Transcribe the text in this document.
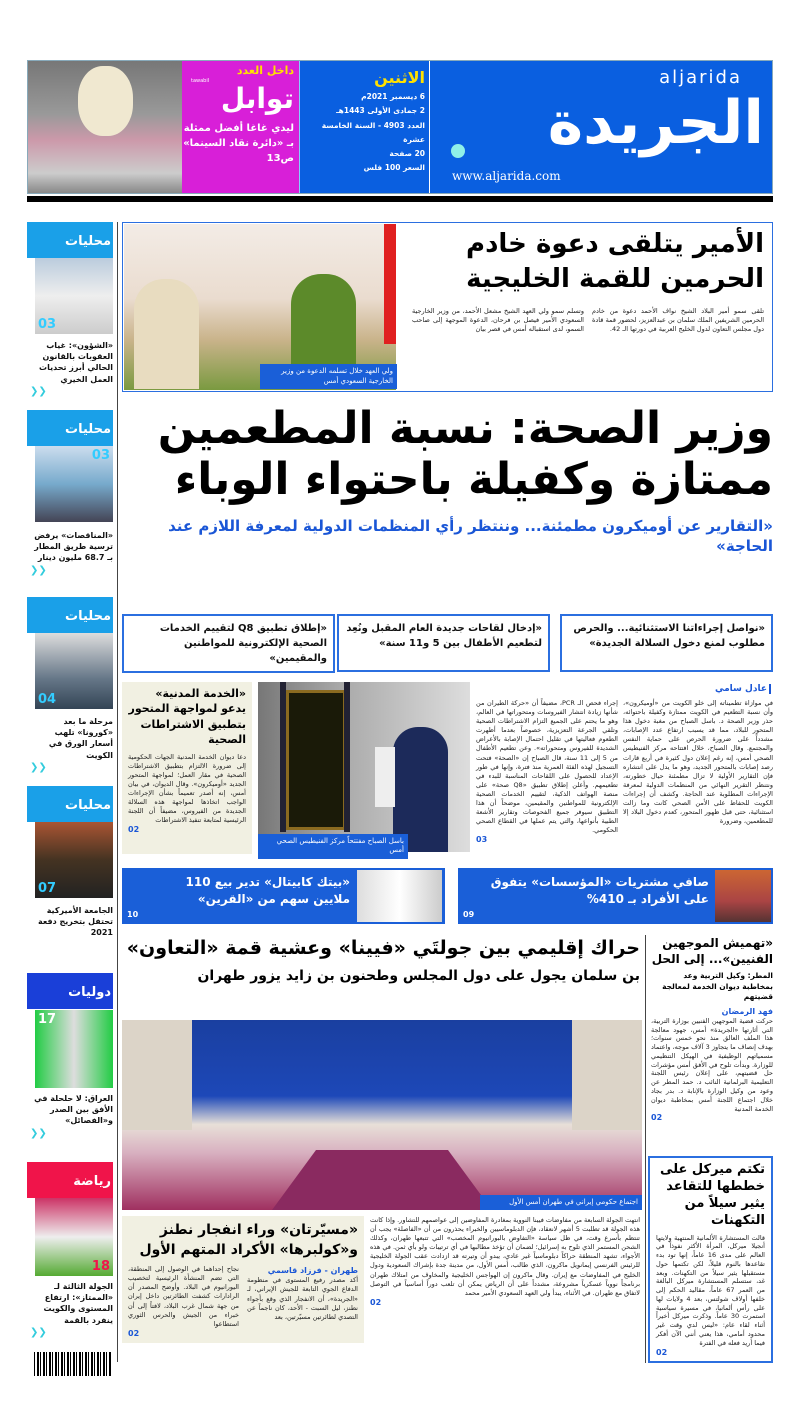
aljarida
الجريدة
www.aljarida.com
الاثنين
6 ديسمبر 2021م
2 جمادى الأولى 1443هـ
العدد 4903 - السنة الخامسة عشرة
20 صفحة
السعر 100 فلس
داخل العدد
tawabil
توابل
ليدي غاغا أفضل ممثلة
بـ «دائرة نقاد السينما» ص13
محليات
03
«الشؤون»: غياب العقوبات بالقانون الحالي أبرز تحديات العمل الخيري
❮❮
محليات
03
«المناقصات» يرفض ترسية طريق المطار بـ 68.7 مليون دينار
❮❮
محليات
04
مرحلة ما بعد «كورونا» تلهب أسعار الورق في الكويت
❮❮
محليات
07
الجامعة الأميركية تحتفل بتخريج دفعة 2021
دوليات
17
العراق: لا حلحلة في الأفق بين الصدر و«الفصائل»
❮❮
رياضة
18
الجولة الثالثة لـ «الممتاز»: ارتفاع المستوى والكويت ينفرد بالقمة
❮❮
الأمير يتلقى دعوة خادم
الحرمين للقمة الخليجية
تلقى سمو أمير البلاد الشيخ نواف الأحمد دعوة من خادم الحرمين الشريفين الملك سلمان بن عبدالعزيز، لحضور قمة قادة دول مجلس التعاون لدول الخليج العربية في دورتها الـ 42.
وتسلم سمو ولي العهد الشيخ مشعل الأحمد، من وزير الخارجية السعودي الأمير فيصل بن فرحان، الدعوة الموجهة إلى صاحب السمو، لدى استقباله أمس في قصر بيان
ولي العهد خلال تسلمه الدعوة من وزير الخارجية السعودي أمس
وزير الصحة: نسبة المطعمين
ممتازة وكفيلة باحتواء الوباء
«التقارير عن أوميكرون مطمئنة... وننتظر رأي المنظمات الدولية لمعرفة اللازم عند الحاجة»
«نواصل إجراءاتنا الاستثنائية... والحرص مطلوب لمنع دخول السلالة الجديدة»
«إدخال لقاحات جديدة العام المقبل ونُعِد لتطعيم الأطفال بين 5 و11 سنة»
«إطلاق تطبيق Q8 لتقييم الخدمات الصحية الإلكترونية للمواطنين والمقيمين»
عادل سامي
في موازاة تطميناته إلى خلو الكويت من «أوميكرون»، وأن نسبة التطعيم في الكويت ممتازة وكفيلة باحتوائه، حذر وزير الصحة د. باسل الصباح من مغبة دخول هذا المتحور للبلاد، مما قد يسبب ارتفاع عدد الإصابات، مشدداً على ضرورة الحرص على حماية النفس والمجتمع. وقال الصباح، خلال افتتاحه مركز الفنيطيس الصحي أمس، إنه رغم إعلان دول كثيرة في أربع قارات رصد إصابات بالمتحور الجديد، وهو ما يدل على انتشاره فإن التقارير الأولية لا تزال مطمئنة حيال خطورته، ونتنظر التقرير النهائي من المنظمات الدولية لمعرفة الإجراءات المطلوبة عند الحاجة. وكشف أن إجراءات الكويت للحفاظ على الأمن الصحي كانت وما زالت استثنائية، حتى قبل ظهور المتحور، كعدم دخول البلاد إلا للمطعمين، وضرورة
إجراء فحص الـ PCR، مضيفاً أن «حركة الطيران من شأنها زيادة انتشار الفيروسات ومتحوراتها في العالم، وهو ما يحتم على الجميع التزام الاشتراطات الصحية وتلقي الجرعة التعزيزية، خصوصاً بعدما أظهرت الطعوم فعاليتها في تقليل احتمال الإصابة بالأعراض الشديدة للفيروس ومتحوراته». وعن تطعيم الأطفال من 5 إلى 11 سنة، قال الصباح إن «الصحة» فتحت التسجيل لهذه الفئة العمرية منذ فترة، وإنها في طور الإعداد للحصول على اللقاحات المناسبة للبدء في تطعيمهم. وأعلن إطلاق تطبيق «Q8 صحة» على منصة الهواتف الذكية، لتقييم الخدمات الصحية الإلكترونية للمواطنين والمقيمين، موضحاً أن هذا التطبيق سيوفر جميع الفحوصات وتقارير الأشعة الطبية بأنواعها، والتي يتم عملها في القطاع الصحي الحكومي.
03
باسل الصباح مفتتحاً مركز الفنيطيس الصحي أمس
«الخدمة المدنية» يدعو لمواجهة المتحور بتطبيق الاشتراطات الصحية
دعا ديوان الخدمة المدنية الجهات الحكومية إلى ضرورة الالتزام بتطبيق الاشتراطات الصحية في مقار العمل؛ لمواجهة المتحور الجديد «أوميكرون». وقال الديوان، في بيان أمس، إنه أصدر تعميماً بشأن الإجراءات الواجب اتخاذها لمواجهة هذه السلالة الجديدة من الفيروس، مضيفاً أن اللجنة الرئيسية لمتابعة تنفيذ الاشتراطات
02
صافي مشتريات «المؤسسات» يتفوق على الأفراد بـ 410%
09
«بيتك كابيتال» تدير بيع 110 ملايين سهم من «القرين»
10
حراك إقليمي بين جولتَي «فيينا» وعشية قمة «التعاون»
بن سلمان يجول على دول المجلس وطحنون بن زايد يزور طهران
اجتماع حكومي إيراني في طهران أمس الأول
انتهت الجولة السابعة من مفاوضات فيينا النووية بمغادرة المفاوضين إلى عواصمهم للتشاور. وإذا كانت هذه الجولة قد تطلبت 5 أشهر لانعقاد، فإن الدبلوماسيين والخبراء يحذرون من أن «الفاصلة» يجب أن تنتظم بأسرع وقت، في ظل سياسة «التفاوض بالبورانيوم المخصب» التي تتبعها طهران، وكذلك الشحن المستمر الذي تلوح به إسرائيل؛ لضمان أن تؤخذ مطالبها في أي ترتيبات ولو بأي ثمن. في هذه الأجواء، تشهد المنطقة حراكاً دبلوماسياً غير عادي، يبدو أن وتيرته قد ازدادت عقب الجولة الخليجية للرئيس الفرنسي إيمانويل ماكرون، الذي طالب، أمس الأول، من مدينة جدة بإشراك السعودية ودول الخليج في المفاوضات مع إيران. وقال ماكرون إن الهواجس الخليجية والمخاوف من امتلاك طهران برنامجاً نووياً عسكرياً مشروعة، مشدداً على أن الرياض يمكن أن تلعب دوراً أساسياً في التوصل لاتفاق مع طهران. في الأثناء، يبدأ ولي العهد السعودي الأمير محمد
02
«مسيّرتان» وراء انفجار نطنز و«كولبرها» الأكراد المتهم الأول
طهران - فرزاد قاسمي
أكد مصدر رفيع المستوى في منظومة الدفاع الجوي التابعة للجيش الإيراني، لـ «الجريدة»، أن الانفجار الذي وقع بأجواء نطنز، ليل السبت - الأحد، كان ناجماً عن التصدي لطائرتين مسيّرتين، بعد
نجاح إحداهما في الوصول إلى المنطقة، التي تضم المنشأة الرئيسية لتخصيب اليورانيوم في البلاد. وأوضح المصدر أن الرادارات كشفت الطائرتين داخل إيران من جهة شمال غرب البلاد، لافتاً إلى أن خبراء من الجيش والحرس الثوري استطاعوا
02
«تهميش الموجهين الفنيين»... إلى الحل
المطر: وكيل التربية وعد بمخاطبة ديوان الخدمة لمعالجة قضيتهم
فهد الرمضان
حركت قضية الموجهين الفنيين بوزارة التربية، التي أثارتها «الجريدة» أمس، جهود معالجة هذا الملف العالق منذ نحو خمس سنوات؛ بهدف إنصاف ما يتجاوز 3 آلاف موجه، واعتماد مسمياتهم الوظيفية في الهيكل التنظيمي للوزارة. وبدأت تلوح في الأفق أمس مؤشرات حل قضيتهم، على إعلان رئيس اللجنة التعليمية البرلمانية النائب د. حمد المطر عن وعود من وكيل الوزارة بالإنابة د. بدر بجاد خلال اجتماع اللجنة أمس بمخاطبة ديوان الخدمة المدنية
02
تكتم ميركل على خططها للتقاعد يثير سيلاً من التكهنات
قالت المستشارة الألمانية المنتهية ولايتها أنجيلا ميركل، المرأة الأكثر نفوذاً في العالم على مدى 16 عاماً، إنها تود بدء تقاعدها بالنوم قليلاً، لكن تكتمها حول مستقبلها يثير سيلاً من التكهنات. وبعد غد، ستسلم المستشارة ميركل البالغة من العمر 67 عاماً، مقاليد الحكم إلى خلفها أولاف شولتس، بعد 4 ولايات لها على رأس ألمانيا، في مسيرة سياسية استمرت 30 عاماً. وذكرت ميركل أخيراً أثناء لقاء عام: «ليس لدي وقت غير محدود أمامي، هذا يعني أنني الآن أفكر فيما أريد فعله في الفترة
02
